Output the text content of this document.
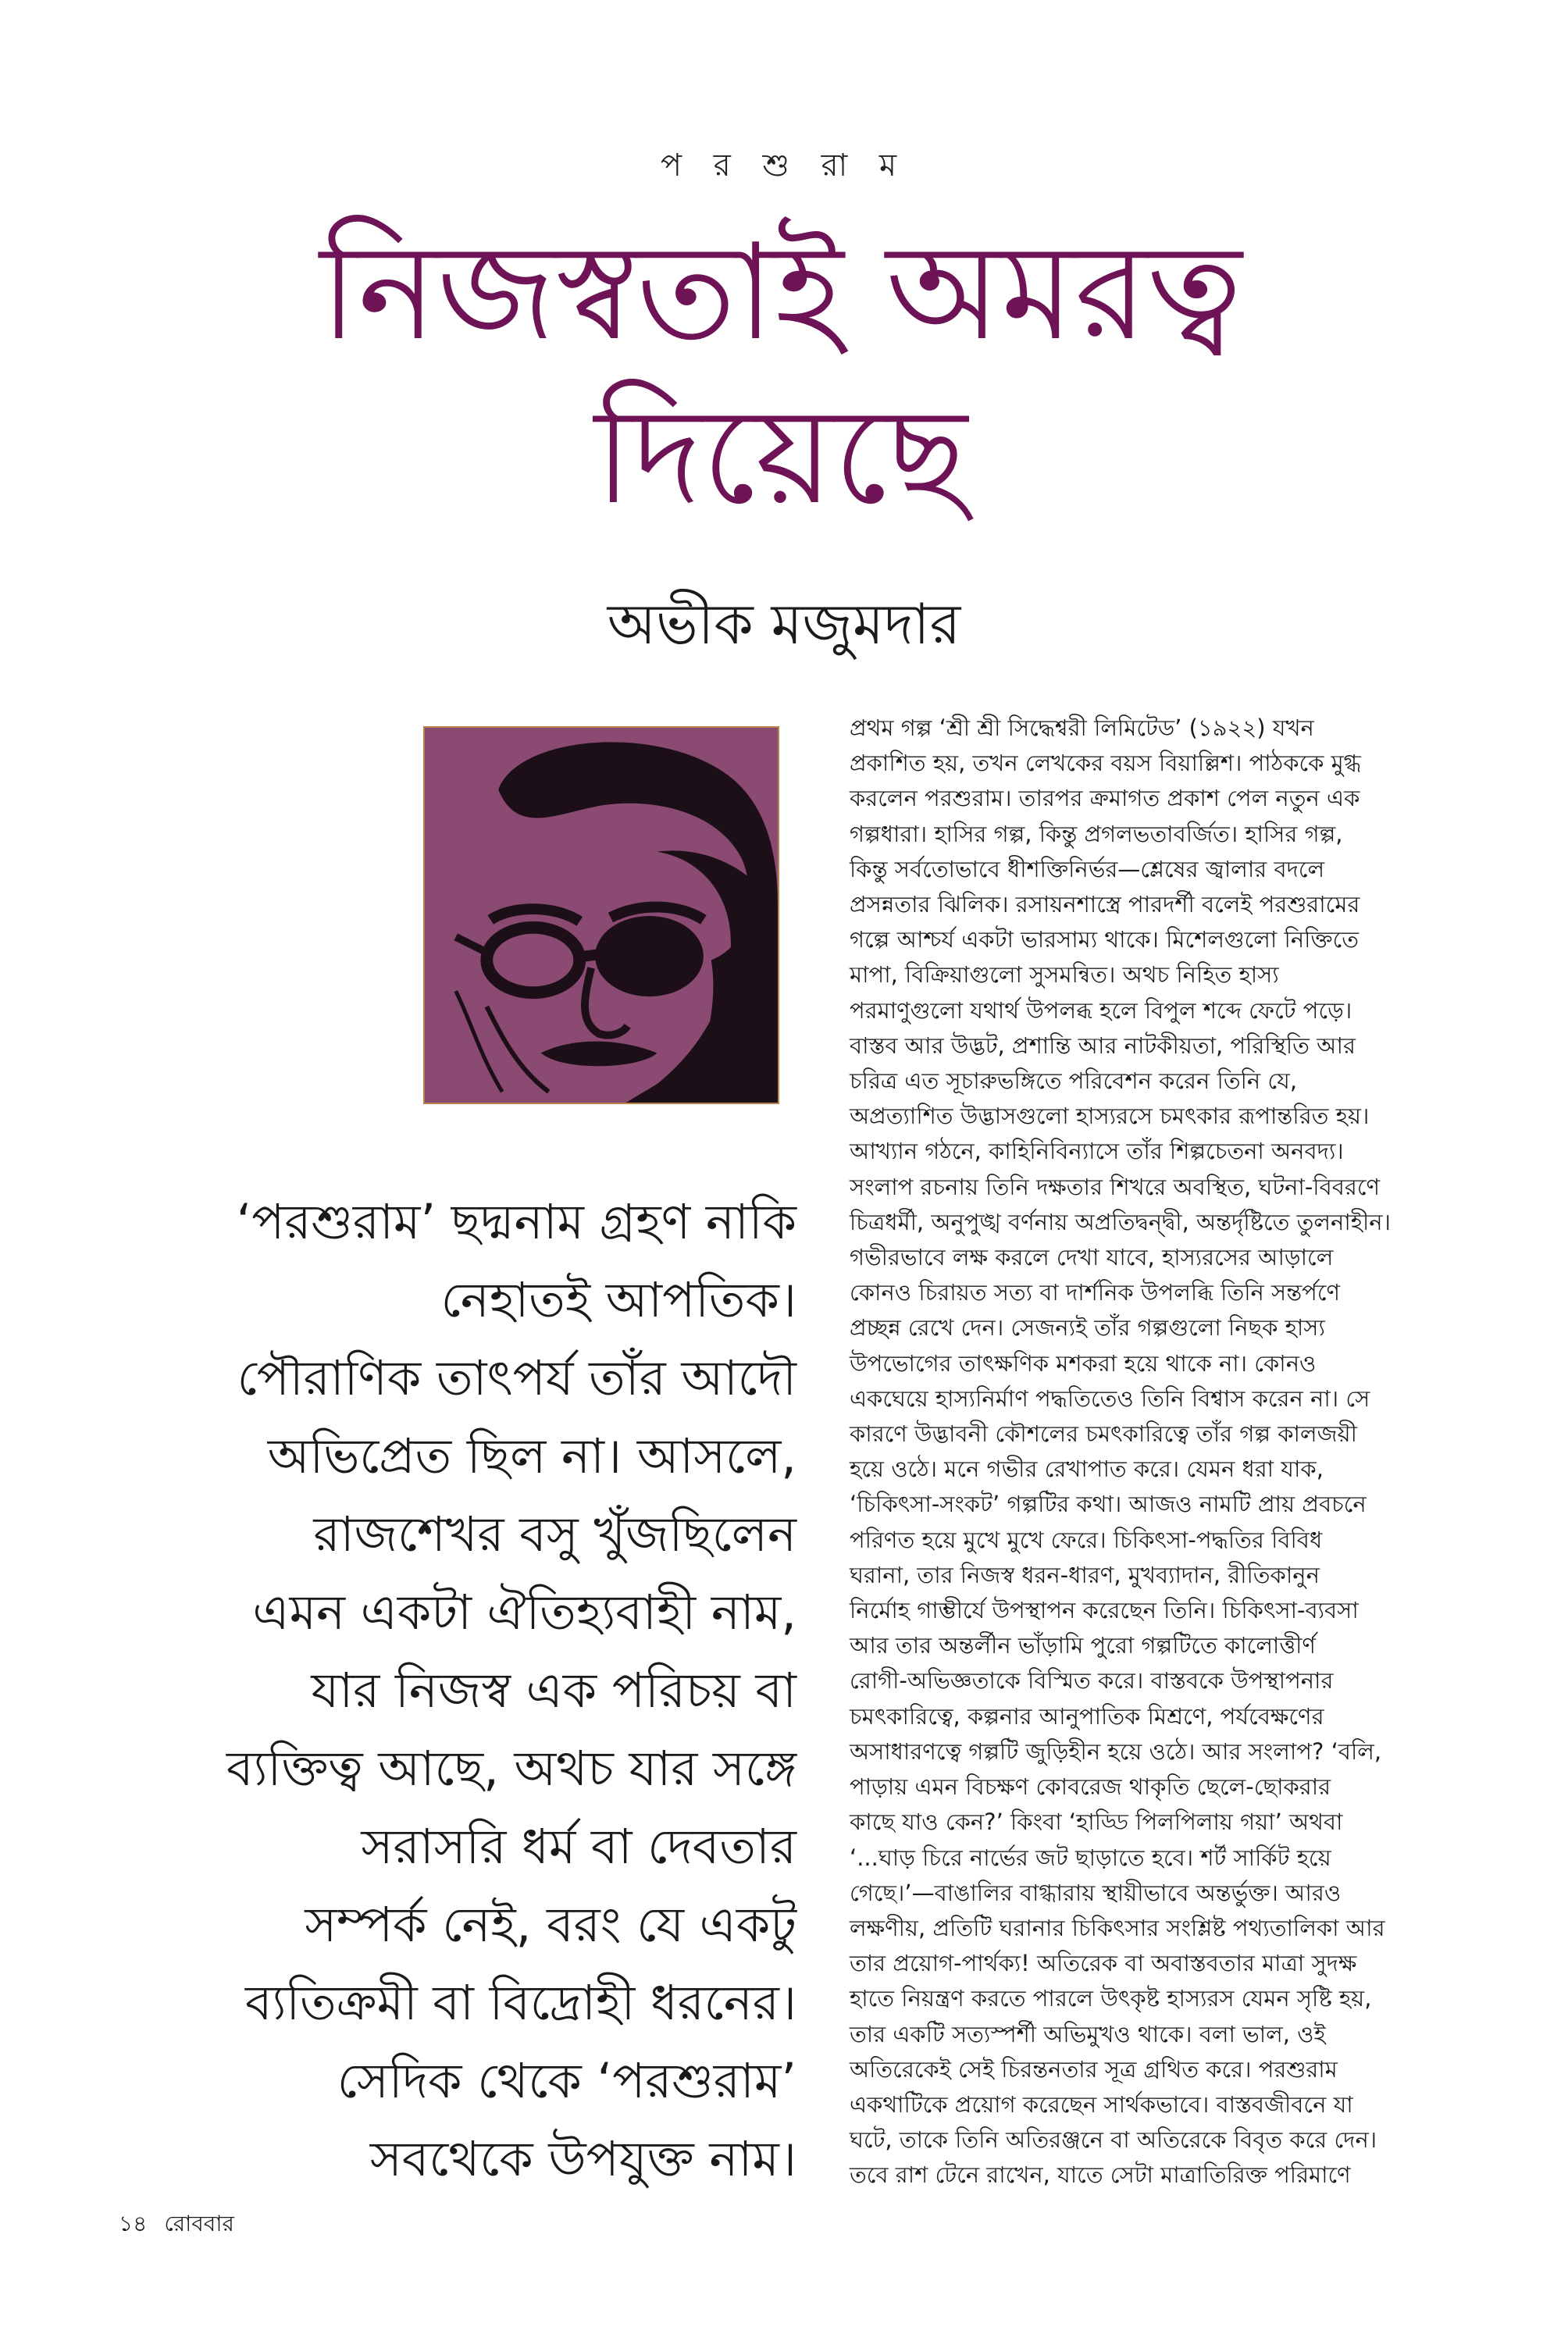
প র শু রা ম
নিজস্বতাই অমরত্ব
দিয়েছে
অভীক মজুমদার
‘পরশুরাম’ ছদ্মনাম গ্রহণ নাকি
নেহাতই আপতিক।
পৌরাণিক তাৎপর্য তাঁর আদৌ
অভিপ্রেত ছিল না। আসলে,
রাজশেখর বসু খুঁজছিলেন
এমন একটা ঐতিহ্যবাহী নাম,
যার নিজস্ব এক পরিচয় বা
ব্যক্তিত্ব আছে, অথচ যার সঙ্গে
সরাসরি ধর্ম বা দেবতার
সম্পর্ক নেই, বরং যে একটু
ব্যতিক্রমী বা বিদ্রোহী ধরনের।
সেদিক থেকে ‘পরশুরাম’
সবথেকে উপযুক্ত নাম।
প্রথম গল্প ‘শ্রী শ্রী সিদ্ধেশ্বরী লিমিটেড’ (১৯২২) যখন
প্রকাশিত হয়, তখন লেখকের বয়স বিয়াল্লিশ। পাঠককে মুগ্ধ
করলেন পরশুরাম। তারপর ক্রমাগত প্রকাশ পেল নতুন এক
গল্পধারা। হাসির গল্প, কিন্তু প্রগলভতাবর্জিত। হাসির গল্প,
কিন্তু সর্বতোভাবে ধীশক্তিনির্ভর—শ্লেষের জ্বালার বদলে
প্রসন্নতার ঝিলিক। রসায়নশাস্ত্রে পারদর্শী বলেই পরশুরামের
গল্পে আশ্চর্য একটা ভারসাম্য থাকে। মিশেলগুলো নিক্তিতে
মাপা, বিক্রিয়াগুলো সুসমন্বিত। অথচ নিহিত হাস্য
পরমাণুগুলো যথার্থ উপলব্ধ হলে বিপুল শব্দে ফেটে পড়ে।
বাস্তব আর উদ্ভট, প্রশান্তি আর নাটকীয়তা, পরিস্থিতি আর
চরিত্র এত সূচারুভঙ্গিতে পরিবেশন করেন তিনি যে,
অপ্রত্যাশিত উদ্ভাসগুলো হাস্যরসে চমৎকার রূপান্তরিত হয়।
আখ্যান গঠনে, কাহিনিবিন্যাসে তাঁর শিল্পচেতনা অনবদ্য।
সংলাপ রচনায় তিনি দক্ষতার শিখরে অবস্থিত, ঘটনা-বিবরণে
চিত্রধর্মী, অনুপুঙ্খ বর্ণনায় অপ্রতিদ্বন্দ্বী, অন্তর্দৃষ্টিতে তুলনাহীন।
গভীরভাবে লক্ষ করলে দেখা যাবে, হাস্যরসের আড়ালে
কোনও চিরায়ত সত্য বা দার্শনিক উপলব্ধি তিনি সন্তর্পণে
প্রচ্ছন্ন রেখে দেন। সেজন্যই তাঁর গল্পগুলো নিছক হাস্য
উপভোগের তাৎক্ষণিক মশকরা হয়ে থাকে না। কোনও
একঘেয়ে হাস্যনির্মাণ পদ্ধতিতেও তিনি বিশ্বাস করেন না। সে
কারণে উদ্ভাবনী কৌশলের চমৎকারিত্বে তাঁর গল্প কালজয়ী
হয়ে ওঠে। মনে গভীর রেখাপাত করে। যেমন ধরা যাক,
‘চিকিৎসা-সংকট’ গল্পটির কথা। আজও নামটি প্রায় প্রবচনে
পরিণত হয়ে মুখে মুখে ফেরে। চিকিৎসা-পদ্ধতির বিবিধ
ঘরানা, তার নিজস্ব ধরন-ধারণ, মুখব্যাদান, রীতিকানুন
নির্মোহ গাম্ভীর্যে উপস্থাপন করেছেন তিনি। চিকিৎসা-ব্যবসা
আর তার অন্তর্লীন ভাঁড়ামি পুরো গল্পটিতে কালোত্তীর্ণ
রোগী-অভিজ্ঞতাকে বিস্মিত করে। বাস্তবকে উপস্থাপনার
চমৎকারিত্বে, কল্পনার আনুপাতিক মিশ্রণে, পর্যবেক্ষণের
অসাধারণত্বে গল্পটি জুড়িহীন হয়ে ওঠে। আর সংলাপ? ‘বলি,
পাড়ায় এমন বিচক্ষণ কোবরেজ থাকৃতি ছেলে-ছোকরার
কাছে যাও কেন?’ কিংবা ‘হাড্ডি পিলপিলায় গয়া’ অথবা
‘...ঘাড় চিরে নার্ভের জট ছাড়াতে হবে। শর্ট সার্কিট হয়ে
গেছে।’—বাঙালির বাগ্ধারায় স্থায়ীভাবে অন্তর্ভুক্ত। আরও
লক্ষণীয়, প্রতিটি ঘরানার চিকিৎসার সংশ্লিষ্ট পথ্যতালিকা আর
তার প্রয়োগ-পার্থক্য! অতিরেক বা অবাস্তবতার মাত্রা সুদক্ষ
হাতে নিয়ন্ত্রণ করতে পারলে উৎকৃষ্ট হাস্যরস যেমন সৃষ্টি হয়,
তার একটি সত্যস্পর্শী অভিমুখও থাকে। বলা ভাল, ওই
অতিরেকেই সেই চিরন্তনতার সূত্র গ্রথিত করে। পরশুরাম
একথাটিকে প্রয়োগ করেছেন সার্থকভাবে। বাস্তবজীবনে যা
ঘটে, তাকে তিনি অতিরঞ্জনে বা অতিরেকে বিবৃত করে দেন।
তবে রাশ টেনে রাখেন, যাতে সেটা মাত্রাতিরিক্ত পরিমাণে
১৪ রোববার
